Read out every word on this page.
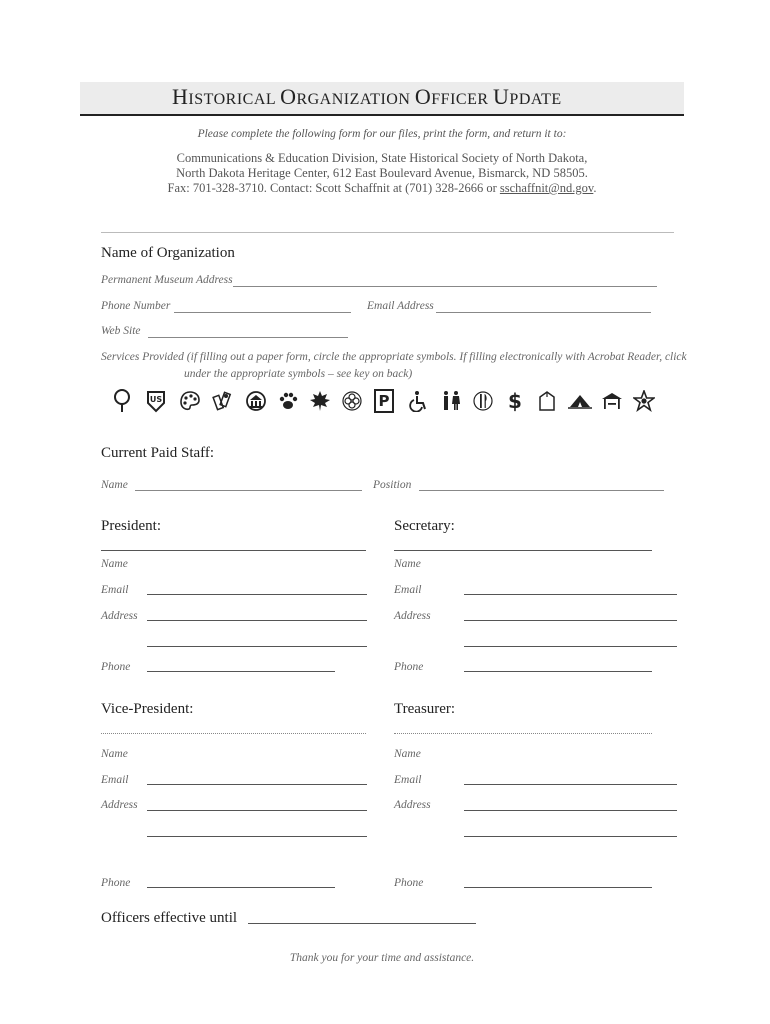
HISTORICAL ORGANIZATION OFFICER UPDATE
Please complete the following form for our files, print the form, and return it to:
Communications & Education Division, State Historical Society of North Dakota,
North Dakota Heritage Center, 612 East Boulevard Avenue, Bismarck, ND 58505.
Fax: 701-328-3710. Contact: Scott Schaffnit at (701) 328-2666 or sschaffnit@nd.gov.
Name of Organization
Permanent Museum Address
Phone Number	Email Address
Web Site
Services Provided (if filling out a paper form, circle the appropriate symbols. If filling electronically with Acrobat Reader, click
under the appropriate symbols – see key on back)
US	P	$
Current Paid Staff:
Name	Position
President:
Name
Email
Address
Phone
Secretary:
Name
Email
Address
Phone
Vice-President:
Name
Email
Address
Phone
Treasurer:
Name
Email
Address
Phone
Officers effective until
Thank you for your time and assistance.
